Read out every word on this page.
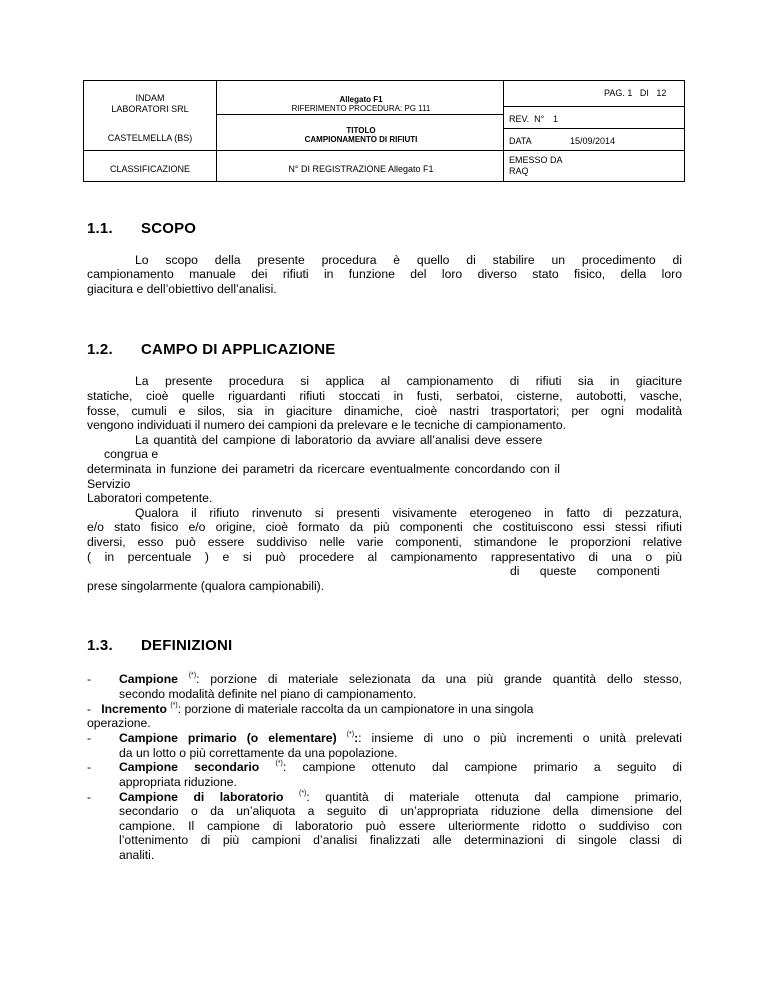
INDAM
LABORATORI SRL
CASTELMELLA (BS)
CLASSIFICAZIONE
Allegato F1
RIFERIMENTO PROCEDURA: PG 111
TITOLO
CAMPIONAMENTO DI RIFIUTI
N° DI REGISTRAZIONE Allegato F1
PAG. 1   DI   12
REV.  N° 1
DATA	15/09/2014
EMESSO DA
RAQ
1.1. SCOPO
Lo scopo della presente procedura è quello di stabilire un procedimento di
campionamento manuale dei rifiuti in funzione del loro diverso stato fisico, della loro
giacitura e dell’obiettivo dell’analisi.
1.2. CAMPO DI APPLICAZIONE
La presente procedura si applica al campionamento di rifiuti sia in giaciture
statiche, cioè quelle riguardanti rifiuti stoccati in fusti, serbatoi, cisterne, autobotti, vasche,
fosse, cumuli e silos, sia in giaciture dinamiche, cioè nastri trasportatori; per ogni modalità
vengono individuati il numero dei campioni da prelevare e le tecniche di campionamento.
La quantità del campione di laboratorio da avviare all’analisi deve essere
congrua e
determinata in funzione dei parametri da ricercare eventualmente concordando con il
Servizio
Laboratori competente.
Qualora il rifiuto rinvenuto si presenti visivamente eterogeneo in fatto di pezzatura,
e/o stato fisico e/o origine, cioè formato da più componenti che costituiscono essi stessi rifiuti
diversi, esso può essere suddiviso nelle varie componenti, stimandone le proporzioni relative
( in percentuale ) e si può procedere al campionamento rappresentativo di una o più
di      queste      componenti
prese singolarmente (qualora campionabili).
1.3. DEFINIZIONI
- Campione (*): porzione di materiale selezionata da una più grande quantità dello stesso,
secondo modalità definite nel piano di campionamento.
-   Incremento (*): porzione di materiale raccolta da un campionatore in una singola
operazione.
- Campione primario (o elementare) (*):: insieme di uno o più incrementi o unità prelevati
da un lotto o più correttamente da una popolazione.
- Campione secondario (*): campione ottenuto dal campione primario a seguito di
appropriata riduzione.
- Campione di laboratorio (*): quantità di materiale ottenuta dal campione primario,
secondario o da un’aliquota a seguito di un’appropriata riduzione della dimensione del
campione. Il campione di laboratorio può essere ulteriormente ridotto o suddiviso con
l’ottenimento di più campioni d’analisi finalizzati alle determinazioni di singole classi di
analiti.
